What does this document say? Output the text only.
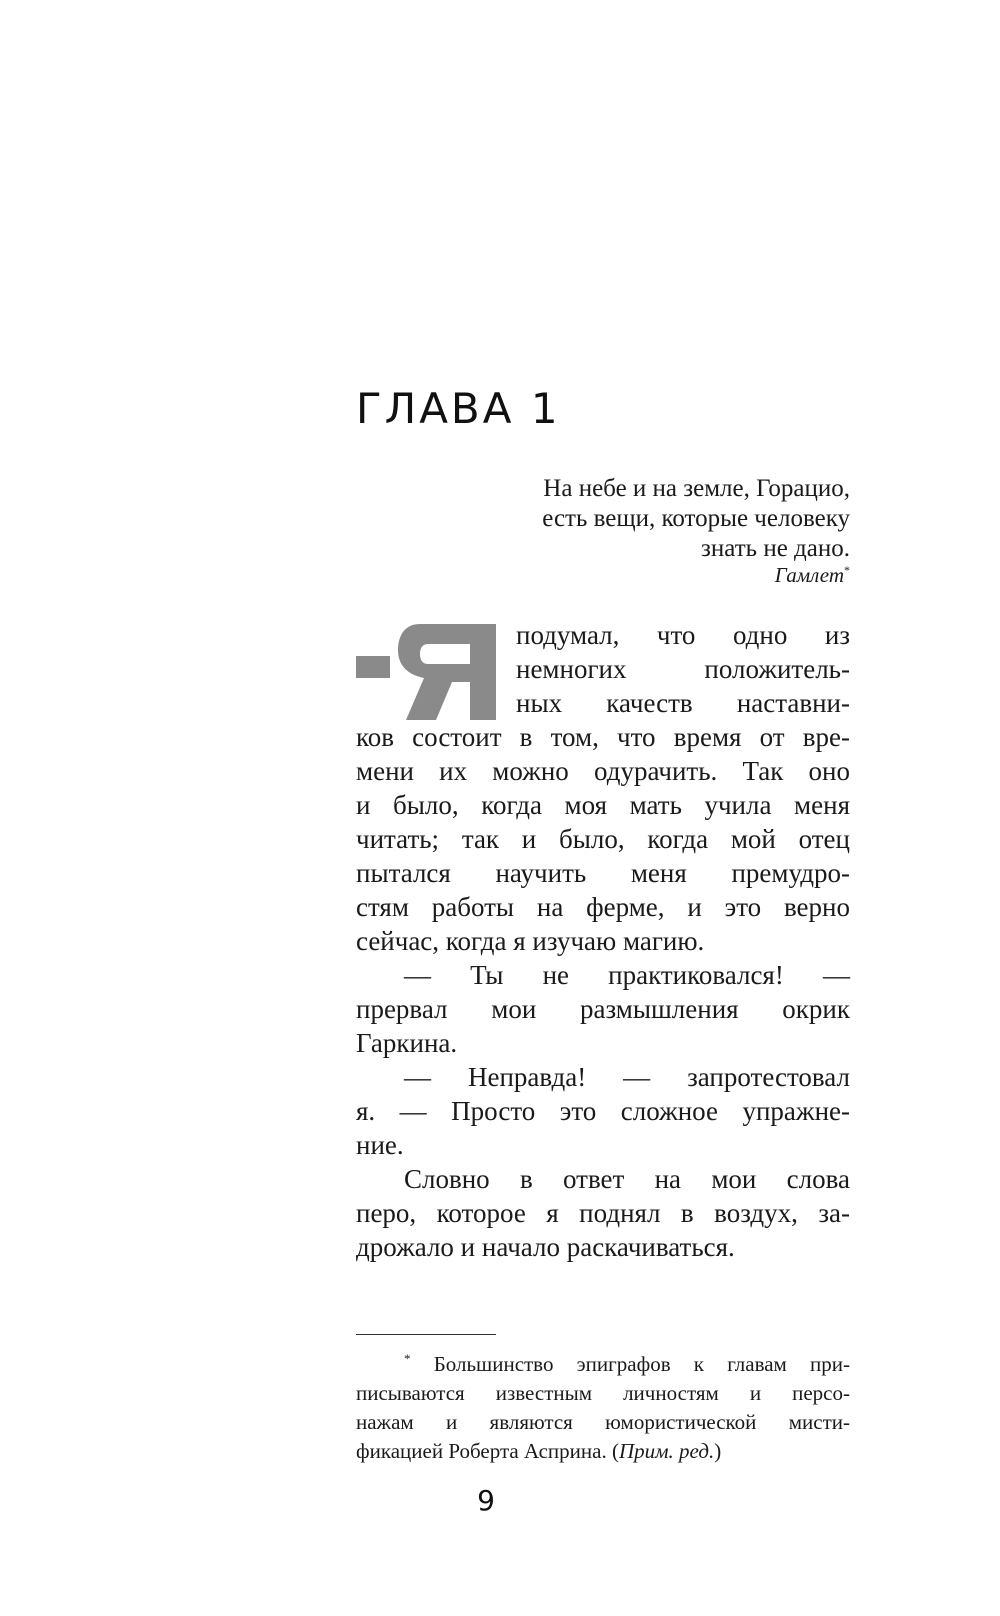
ГЛАВА 1
На небе и на земле, Горацио,
есть вещи, которые человеку
знать не дано.
Гамлет*
подумал, что одно из
немногих положитель-
ных качеств наставни-
ков состоит в том, что время от вре-
мени их можно одурачить. Так оно
и было, когда моя мать учила меня
читать; так и было, когда мой отец
пытался научить меня премудро-
стям работы на ферме, и это верно
сейчас, когда я изучаю магию.
— Ты не практиковался! —
прервал мои размышления окрик
Гаркина.
— Неправда! — запротестовал
я. — Просто это сложное упражне-
ние.
Словно в ответ на мои слова
перо, которое я поднял в воздух, за-
дрожало и начало раскачиваться.
* Большинство эпиграфов к главам при-
писываются известным личностям и персо-
нажам и являются юмористической мисти-
фикацией Роберта Асприна. (Прим. ред.)
9
